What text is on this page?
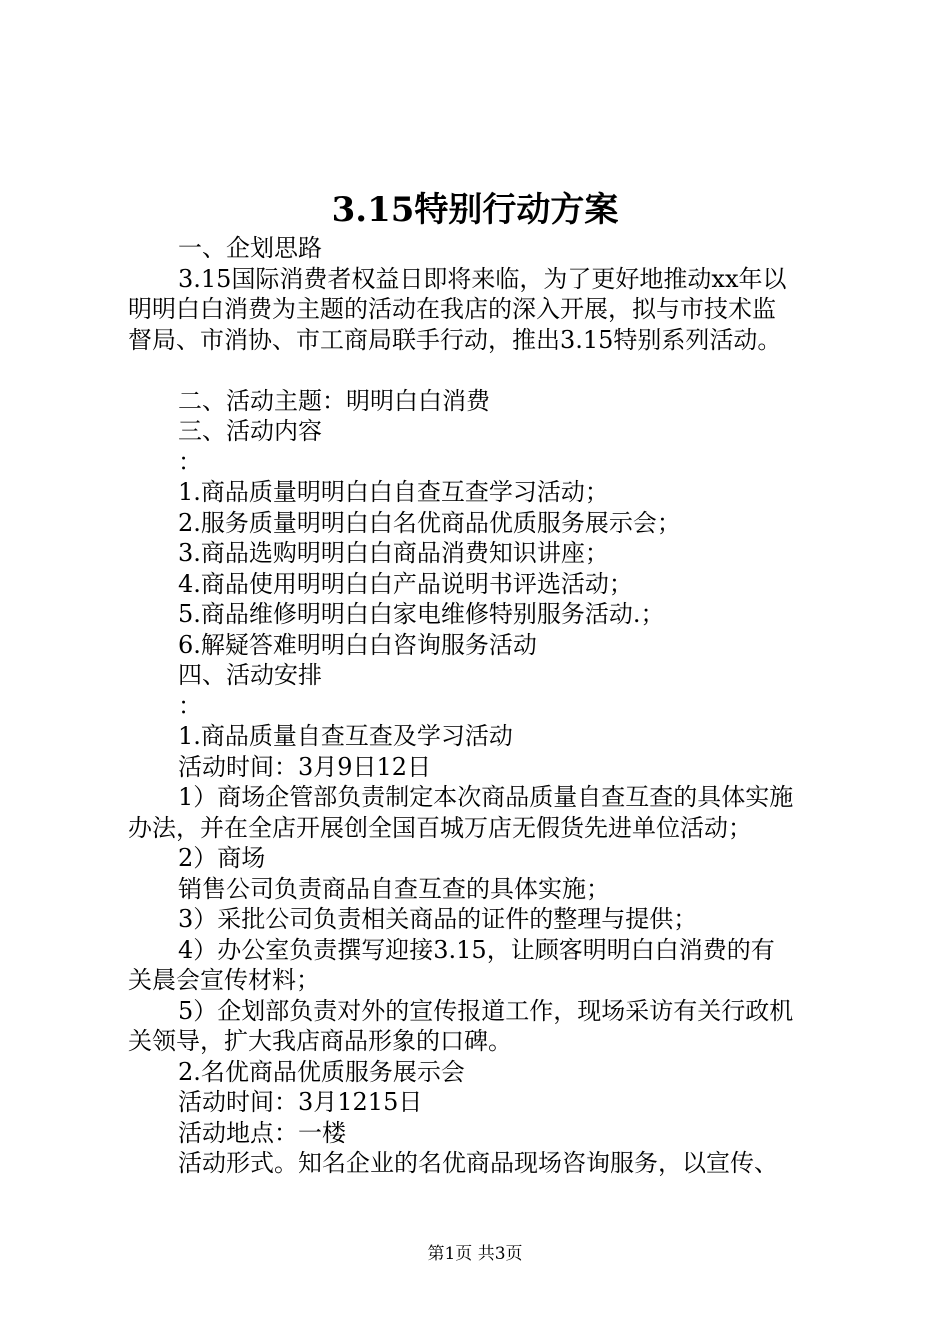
3.15特别行动方案
一、企划思路
3.15国际消费者权益日即将来临，为了更好地推动xx年以
明明白白消费为主题的活动在我店的深入开展，拟与市技术监
督局、市消协、市工商局联手行动，推出3.15特别系列活动。
二、活动主题：明明白白消费
三、活动内容
：
1.商品质量明明白白自查互查学习活动；
2.服务质量明明白白名优商品优质服务展示会；
3.商品选购明明白白商品消费知识讲座；
4.商品使用明明白白产品说明书评选活动；
5.商品维修明明白白家电维修特别服务活动.；
6.解疑答难明明白白咨询服务活动
四、活动安排
：
1.商品质量自查互查及学习活动
活动时间：3月9日12日
1）商场企管部负责制定本次商品质量自查互查的具体实施
办法，并在全店开展创全国百城万店无假货先进单位活动；
2）商场
销售公司负责商品自查互查的具体实施；
3）采批公司负责相关商品的证件的整理与提供；
4）办公室负责撰写迎接3.15，让顾客明明白白消费的有
关晨会宣传材料；
5）企划部负责对外的宣传报道工作，现场采访有关行政机
关领导，扩大我店商品形象的口碑。
2.名优商品优质服务展示会
活动时间：3月1215日
活动地点：一楼
活动形式。知名企业的名优商品现场咨询服务，以宣传、
第1页 共3页
